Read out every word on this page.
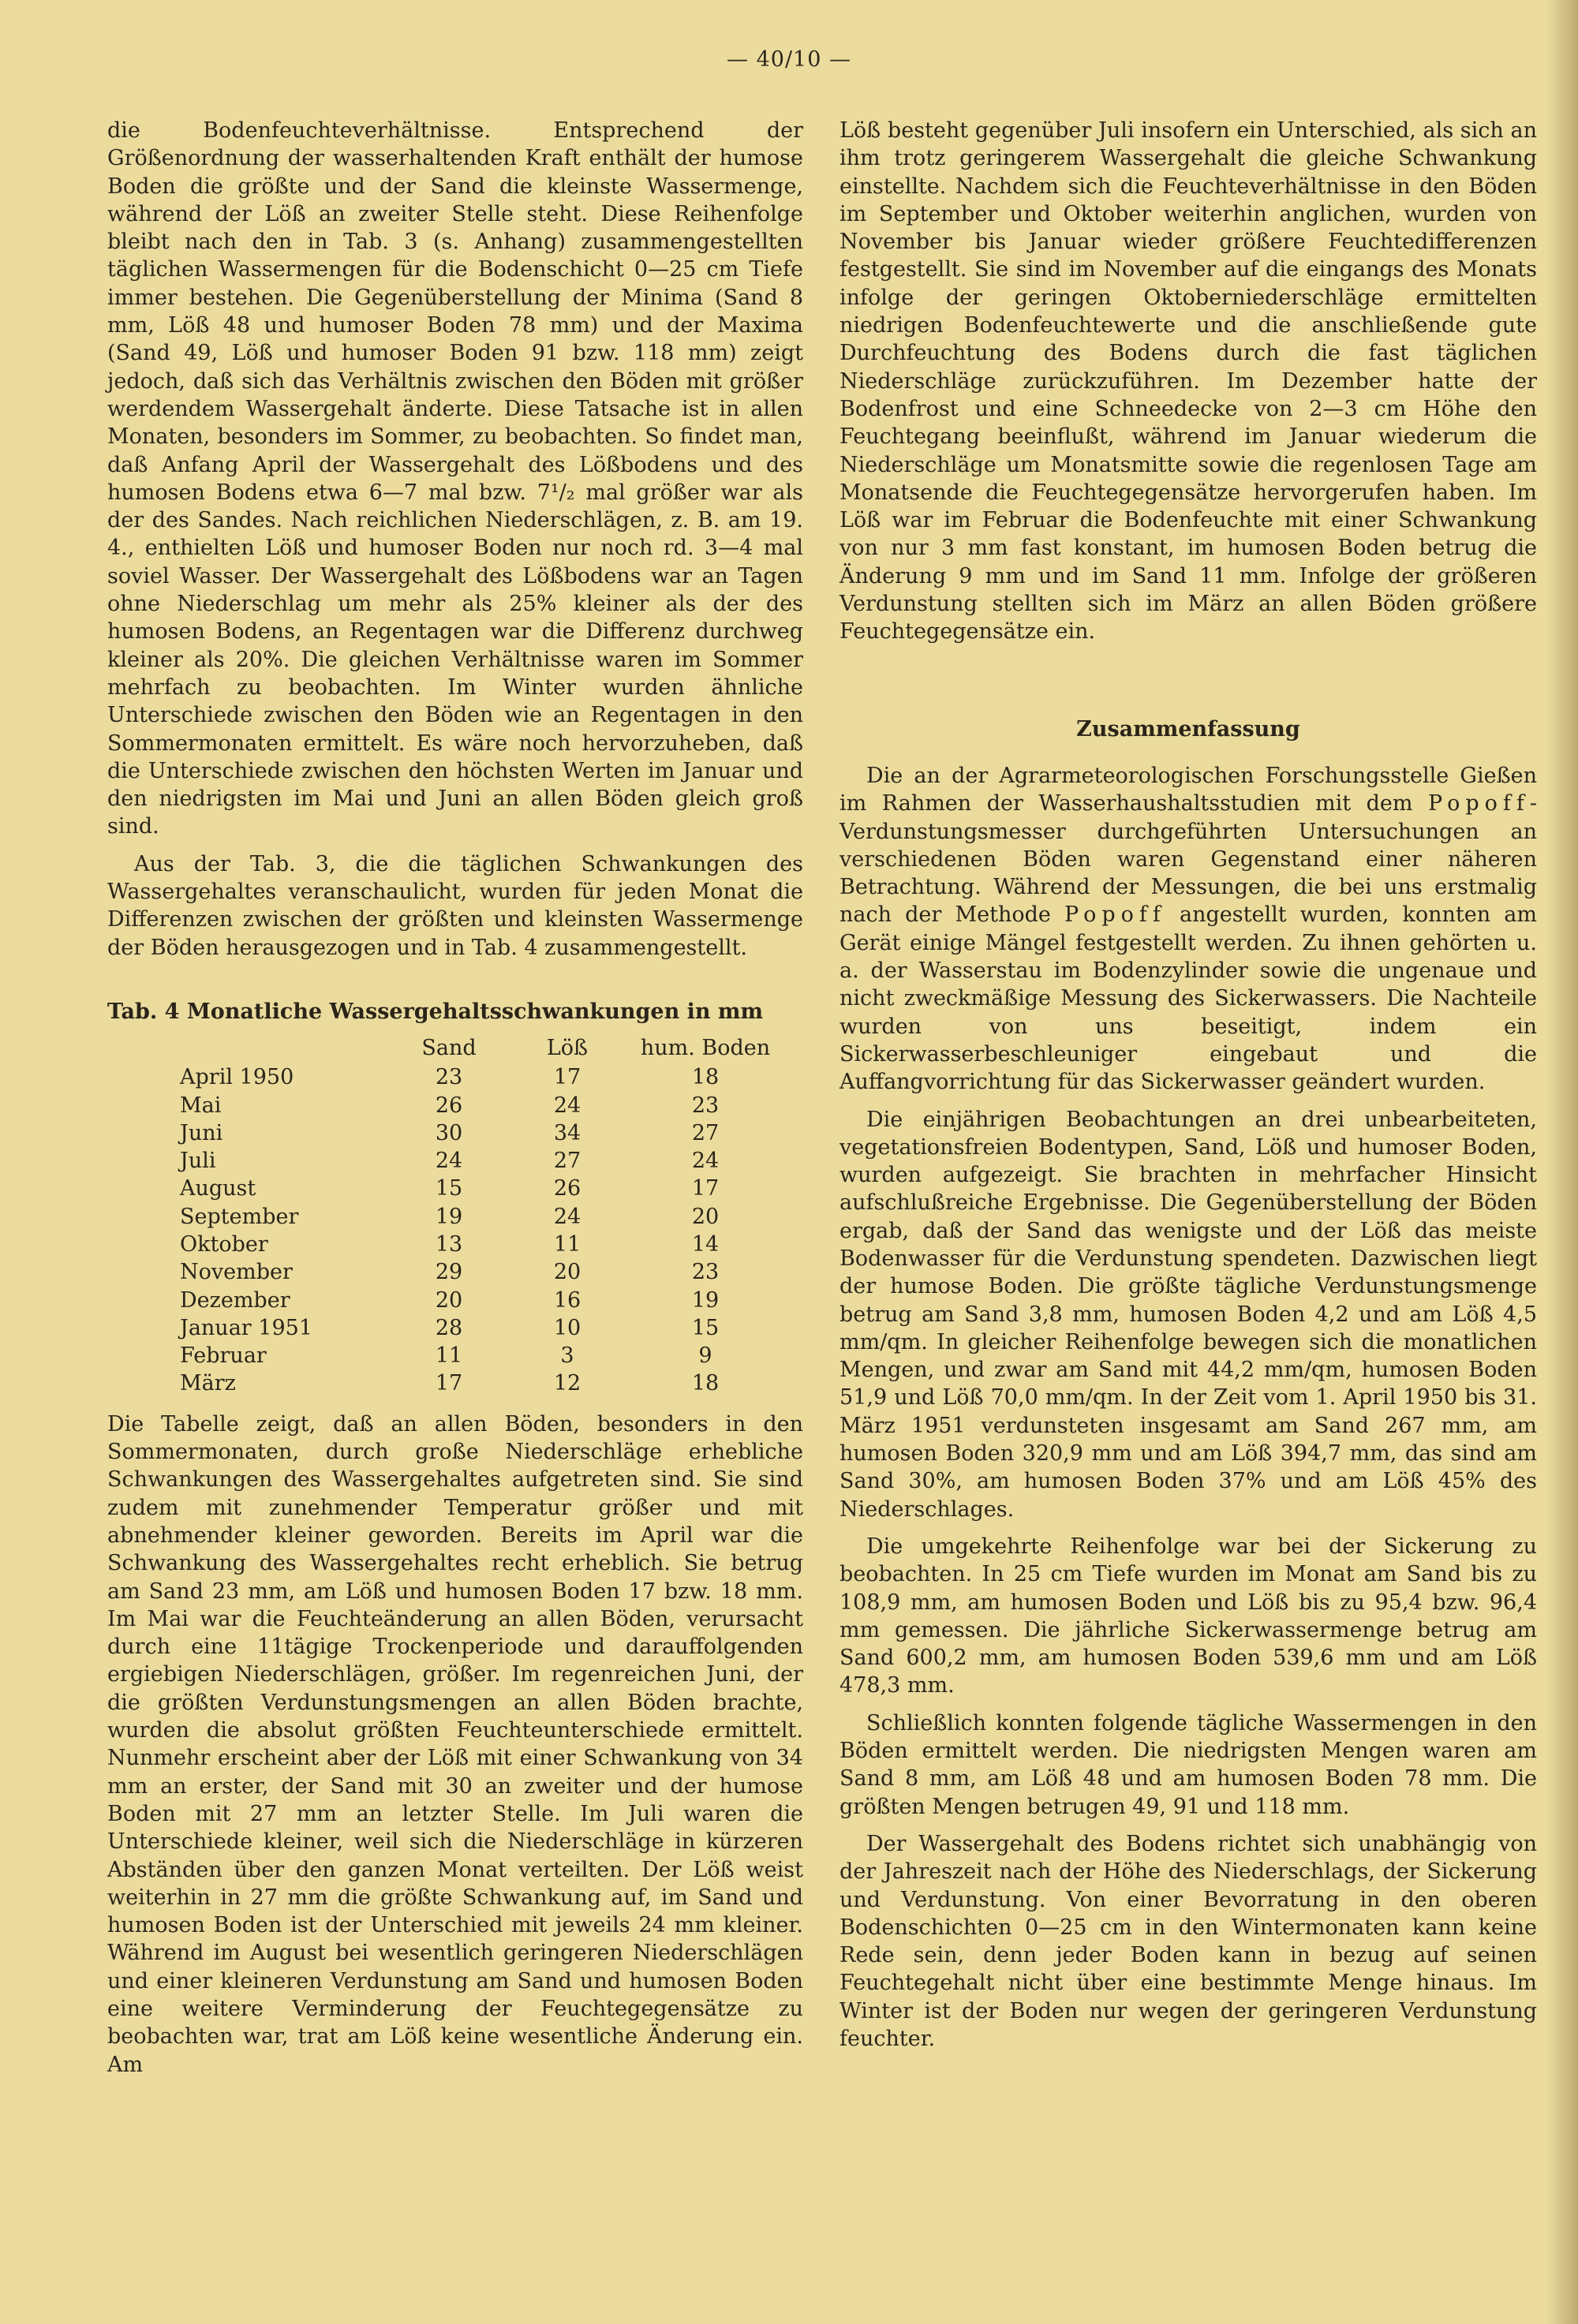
— 40/10 —

die Bodenfeuchteverhältnisse. Entsprechend der Größenordnung der wasserhaltenden Kraft enthält der humose Boden die größte und der Sand die kleinste Wassermenge, während der Löß an zweiter Stelle steht. Diese Reihenfolge bleibt nach den in Tab. 3 (s. Anhang) zusammengestellten täglichen Wassermengen für die Bodenschicht 0—25 cm Tiefe immer bestehen. Die Gegenüberstellung der Minima (Sand 8 mm, Löß 48 und humoser Boden 78 mm) und der Maxima (Sand 49, Löß und humoser Boden 91 bzw. 118 mm) zeigt jedoch, daß sich das Verhältnis zwischen den Böden mit größer werdendem Wassergehalt änderte. Diese Tatsache ist in allen Monaten, besonders im Sommer, zu beobachten. So findet man, daß Anfang April der Wassergehalt des Lößbodens und des humosen Bodens etwa 6—7 mal bzw. 7¹/₂ mal größer war als der des Sandes. Nach reichlichen Niederschlägen, z. B. am 19. 4., enthielten Löß und humoser Boden nur noch rd. 3—4 mal soviel Wasser. Der Wassergehalt des Lößbodens war an Tagen ohne Niederschlag um mehr als 25% kleiner als der des humosen Bodens, an Regentagen war die Differenz durchweg kleiner als 20%. Die gleichen Verhältnisse waren im Sommer mehrfach zu beobachten. Im Winter wurden ähnliche Unterschiede zwischen den Böden wie an Regentagen in den Sommermonaten ermittelt. Es wäre noch hervorzuheben, daß die Unterschiede zwischen den höchsten Werten im Januar und den niedrigsten im Mai und Juni an allen Böden gleich groß sind.

Aus der Tab. 3, die die täglichen Schwankungen des Wassergehaltes veranschaulicht, wurden für jeden Monat die Differenzen zwischen der größten und kleinsten Wassermenge der Böden herausgezogen und in Tab. 4 zusammengestellt.

Tab. 4 Monatliche Wassergehaltsschwankungen in mm

	Sand	Löß	hum. Boden
April 1950	23	17	18
Mai	26	24	23
Juni	30	34	27
Juli	24	27	24
August	15	26	17
September	19	24	20
Oktober	13	11	14
November	29	20	23
Dezember	20	16	19
Januar 1951	28	10	15
Februar	11	3	9
März	17	12	18

Die Tabelle zeigt, daß an allen Böden, besonders in den Sommermonaten, durch große Niederschläge erhebliche Schwankungen des Wassergehaltes aufgetreten sind. Sie sind zudem mit zunehmender Temperatur größer und mit abnehmender kleiner geworden. Bereits im April war die Schwankung des Wassergehaltes recht erheblich. Sie betrug am Sand 23 mm, am Löß und humosen Boden 17 bzw. 18 mm. Im Mai war die Feuchteänderung an allen Böden, verursacht durch eine 11tägige Trockenperiode und darauffolgenden ergiebigen Niederschlägen, größer. Im regenreichen Juni, der die größten Verdunstungsmengen an allen Böden brachte, wurden die absolut größten Feuchteunterschiede ermittelt. Nunmehr erscheint aber der Löß mit einer Schwankung von 34 mm an erster, der Sand mit 30 an zweiter und der humose Boden mit 27 mm an letzter Stelle. Im Juli waren die Unterschiede kleiner, weil sich die Niederschläge in kürzeren Abständen über den ganzen Monat verteilten. Der Löß weist weiterhin in 27 mm die größte Schwankung auf, im Sand und humosen Boden ist der Unterschied mit jeweils 24 mm kleiner. Während im August bei wesentlich geringeren Niederschlägen und einer kleineren Verdunstung am Sand und humosen Boden eine weitere Verminderung der Feuchtegegensätze zu beobachten war, trat am Löß keine wesentliche Änderung ein. Am

Löß besteht gegenüber Juli insofern ein Unterschied, als sich an ihm trotz geringerem Wassergehalt die gleiche Schwankung einstellte. Nachdem sich die Feuchteverhältnisse in den Böden im September und Oktober weiterhin anglichen, wurden von November bis Januar wieder größere Feuchtedifferenzen festgestellt. Sie sind im November auf die eingangs des Monats infolge der geringen Oktoberniederschläge ermittelten niedrigen Bodenfeuchtewerte und die anschließende gute Durchfeuchtung des Bodens durch die fast täglichen Niederschläge zurückzuführen. Im Dezember hatte der Bodenfrost und eine Schneedecke von 2—3 cm Höhe den Feuchtegang beeinflußt, während im Januar wiederum die Niederschläge um Monatsmitte sowie die regenlosen Tage am Monatsende die Feuchtegegensätze hervorgerufen haben. Im Löß war im Februar die Bodenfeuchte mit einer Schwankung von nur 3 mm fast konstant, im humosen Boden betrug die Änderung 9 mm und im Sand 11 mm. Infolge der größeren Verdunstung stellten sich im März an allen Böden größere Feuchtegegensätze ein.

Zusammenfassung

Die an der Agrarmeteorologischen Forschungsstelle Gießen im Rahmen der Wasserhaushaltsstudien mit dem Popoff-Verdunstungsmesser durchgeführten Untersuchungen an verschiedenen Böden waren Gegenstand einer näheren Betrachtung. Während der Messungen, die bei uns erstmalig nach der Methode Popoff angestellt wurden, konnten am Gerät einige Mängel festgestellt werden. Zu ihnen gehörten u. a. der Wasserstau im Bodenzylinder sowie die ungenaue und nicht zweckmäßige Messung des Sickerwassers. Die Nachteile wurden von uns beseitigt, indem ein Sickerwasserbeschleuniger eingebaut und die Auffangvorrichtung für das Sickerwasser geändert wurden.

Die einjährigen Beobachtungen an drei unbearbeiteten, vegetationsfreien Bodentypen, Sand, Löß und humoser Boden, wurden aufgezeigt. Sie brachten in mehrfacher Hinsicht aufschlußreiche Ergebnisse. Die Gegenüberstellung der Böden ergab, daß der Sand das wenigste und der Löß das meiste Bodenwasser für die Verdunstung spendeten. Dazwischen liegt der humose Boden. Die größte tägliche Verdunstungsmenge betrug am Sand 3,8 mm, humosen Boden 4,2 und am Löß 4,5 mm/qm. In gleicher Reihenfolge bewegen sich die monatlichen Mengen, und zwar am Sand mit 44,2 mm/qm, humosen Boden 51,9 und Löß 70,0 mm/qm. In der Zeit vom 1. April 1950 bis 31. März 1951 verdunsteten insgesamt am Sand 267 mm, am humosen Boden 320,9 mm und am Löß 394,7 mm, das sind am Sand 30%, am humosen Boden 37% und am Löß 45% des Niederschlages.

Die umgekehrte Reihenfolge war bei der Sickerung zu beobachten. In 25 cm Tiefe wurden im Monat am Sand bis zu 108,9 mm, am humosen Boden und Löß bis zu 95,4 bzw. 96,4 mm gemessen. Die jährliche Sickerwassermenge betrug am Sand 600,2 mm, am humosen Boden 539,6 mm und am Löß 478,3 mm.

Schließlich konnten folgende tägliche Wassermengen in den Böden ermittelt werden. Die niedrigsten Mengen waren am Sand 8 mm, am Löß 48 und am humosen Boden 78 mm. Die größten Mengen betrugen 49, 91 und 118 mm.

Der Wassergehalt des Bodens richtet sich unabhängig von der Jahreszeit nach der Höhe des Niederschlags, der Sickerung und Verdunstung. Von einer Bevorratung in den oberen Bodenschichten 0—25 cm in den Wintermonaten kann keine Rede sein, denn jeder Boden kann in bezug auf seinen Feuchtegehalt nicht über eine bestimmte Menge hinaus. Im Winter ist der Boden nur wegen der geringeren Verdunstung feuchter.
